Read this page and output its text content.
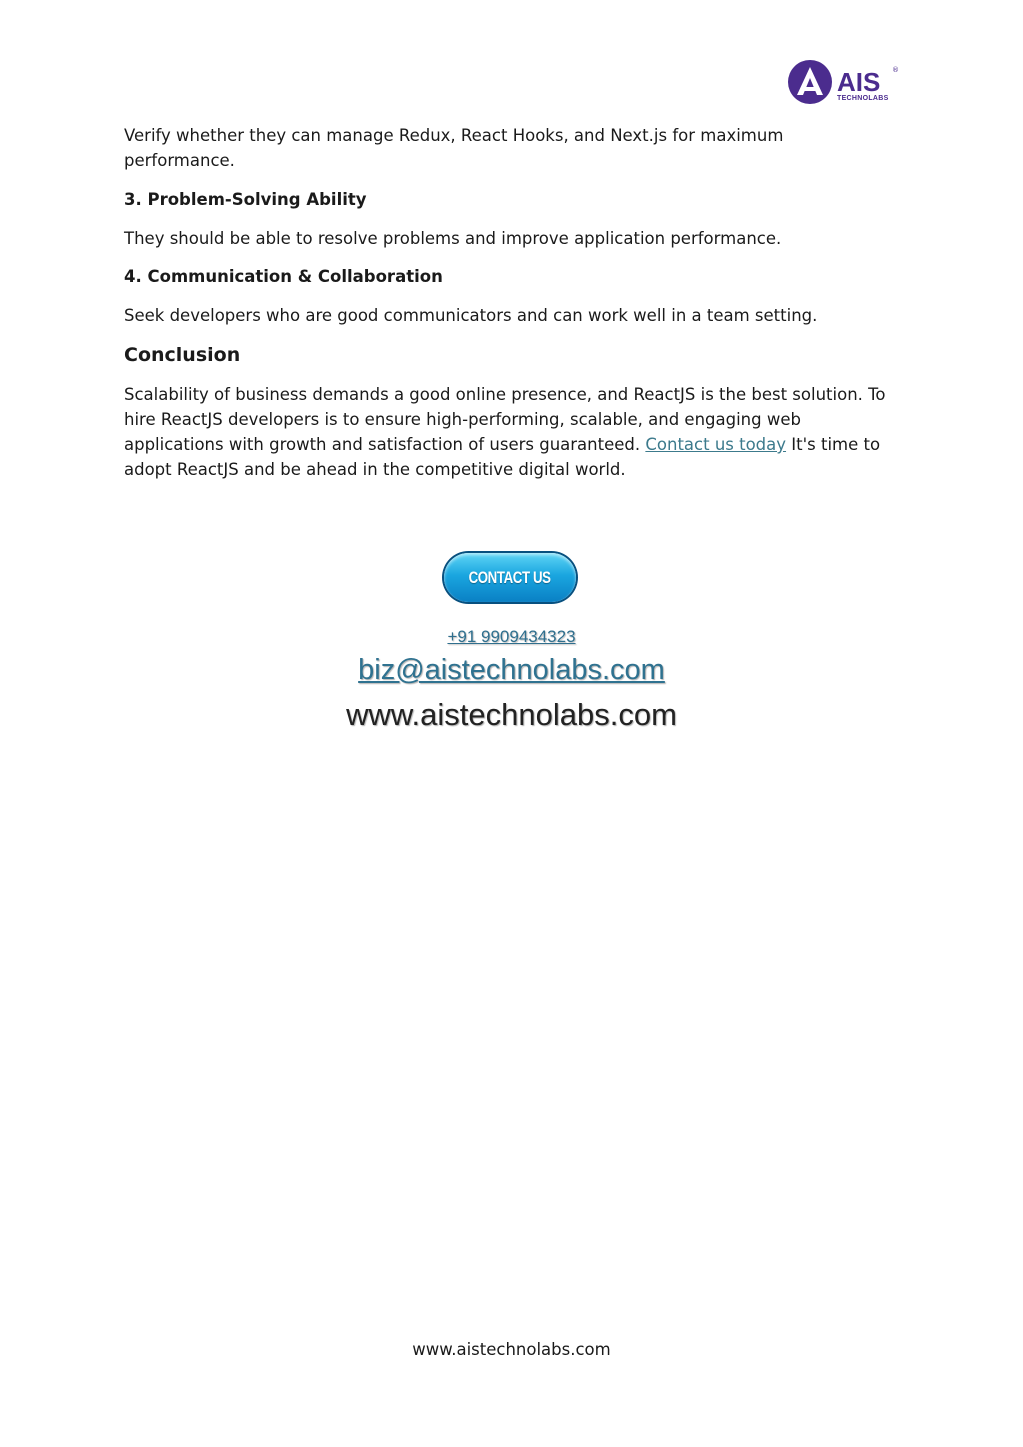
AIS
TECHNOLABS
®

Verify whether they can manage Redux, React Hooks, and Next.js for maximum performance.

3. Problem-Solving Ability

They should be able to resolve problems and improve application performance.

4. Communication & Collaboration

Seek developers who are good communicators and can work well in a team setting.

Conclusion

Scalability of business demands a good online presence, and ReactJS is the best solution. To hire ReactJS developers is to ensure high-performing, scalable, and engaging web applications with growth and satisfaction of users guaranteed. Contact us today It's time to adopt ReactJS and be ahead in the competitive digital world.

CONTACT US
+91 9909434323
biz@aistechnolabs.com
www.aistechnolabs.com
www.aistechnolabs.com
